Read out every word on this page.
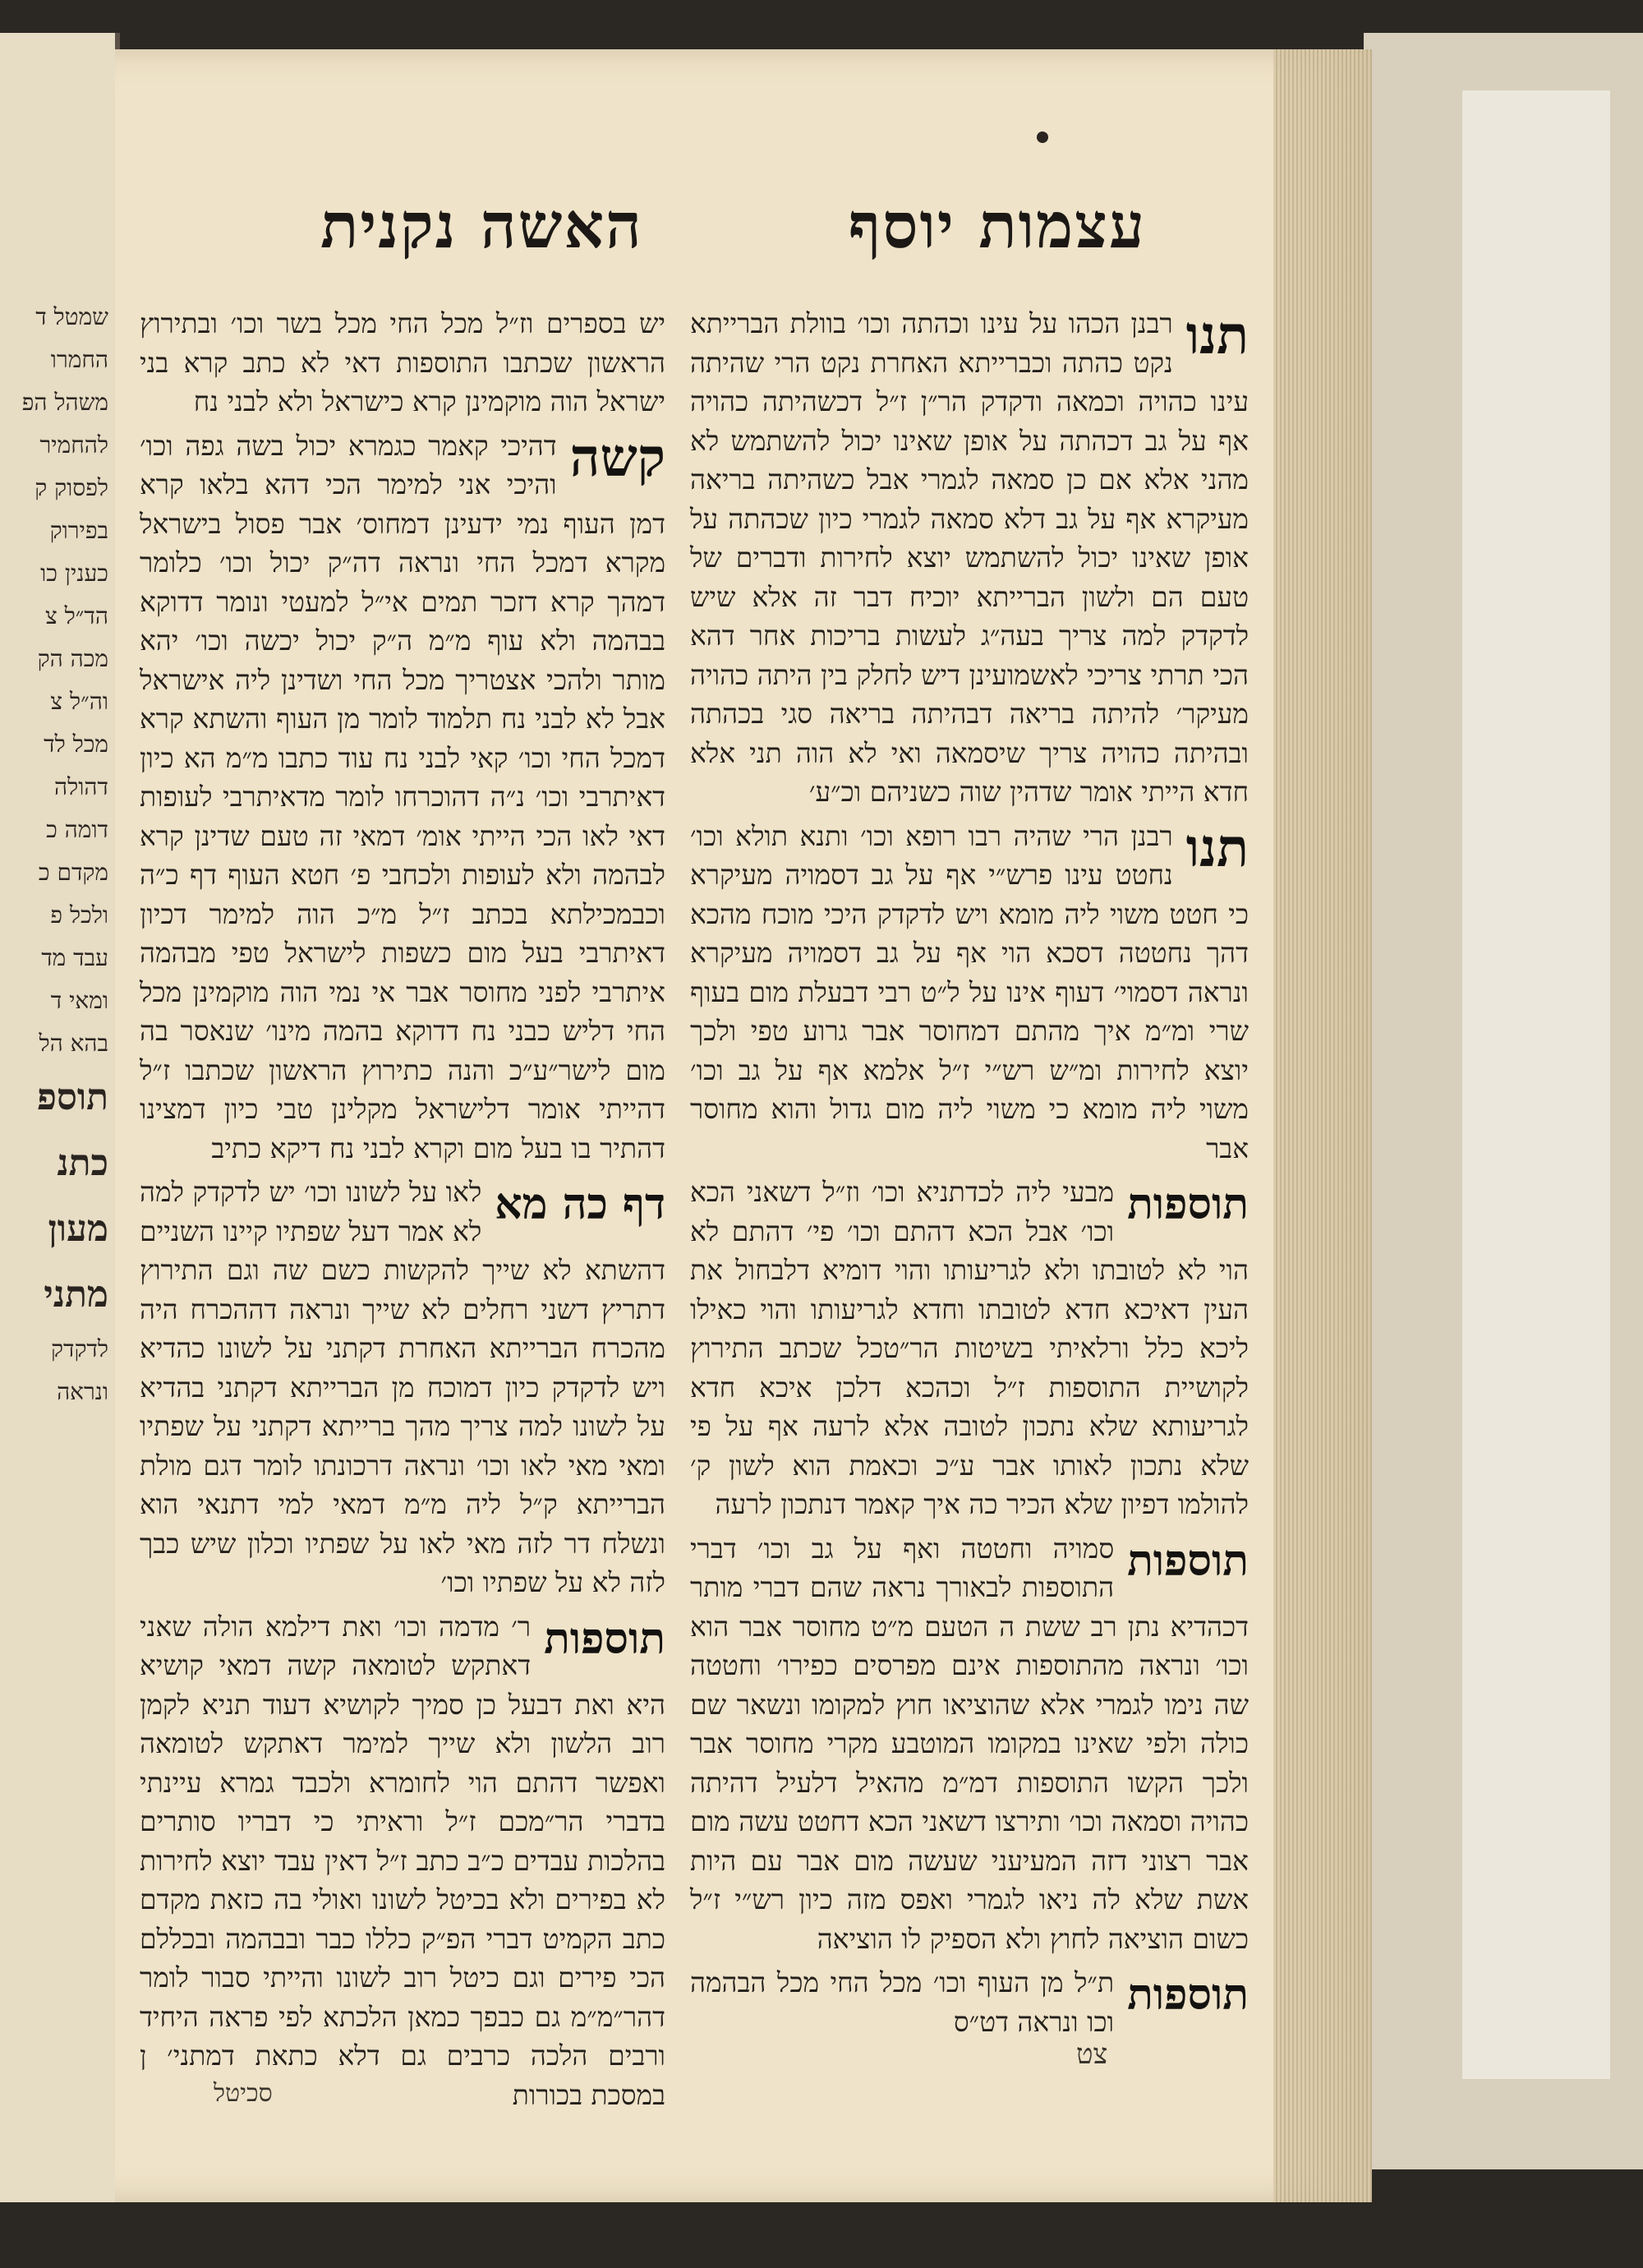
שמטל ד
החמרו
משהל הפ
להחמיר
לפסוק ק
בפירוק
כענין כו
הד״ל צ
מכה הק
וה״ל צ
מכל לד
דהולה
דומה כ
מקדם כ
ולכל פ
עבד מד
ומאי ד
בהא הל
תוספ
כתנ
מעון
מתני
לדקדק
ונראה
עצמות יוסף
האשה נקנית

תנו
רבנן הכהו על עינו וכהתה וכו׳ בוולת הברייתא נקט כהתה וכברייתא האחרת נקט הרי שהיתה עינו כהויה וכמאה ודקדק הר״ן ז״ל דכשהיתה כהויה אף על גב דכהתה על אופן שאינו יכול להשתמש לא מהני אלא אם כן סמאה לגמרי אבל כשהיתה בריאה מעיקרא אף על גב דלא סמאה לגמרי כיון שכהתה על אופן שאינו יכול להשתמש יוצא לחירות ודברים של טעם הם ולשון הברייתא יוכיח דבר זה אלא שיש לדקדק למה צריך בעה״ג לעשות בריכות אחר דהא הכי תרתי צריכי לאשמועינן דיש לחלק בין היתה כהויה מעיקר׳ להיתה בריאה דבהיתה בריאה סגי בכהתה ובהיתה כהויה צריך שיסמאה ואי לא הוה תני אלא חדא הייתי אומר שדהין שוה כשניהם וכ״ע׳

תנו
רבנן הרי שהיה רבו רופא וכו׳ ותנא תולא וכו׳ נחטט עינו פרש״י אף על גב דסמויה מעיקרא כי חטט משוי ליה מומא ויש לדקדק היכי מוכח מהכא דהך נחטטה דסכא הוי אף על גב דסמויה מעיקרא ונראה דסמוי׳ דעוף אינו על ל״ט רבי דבעלת מום בעוף שרי ומ״מ איך מהתם דמחוסר אבר גרוע טפי ולכך יוצא לחירות ומ״ש רש״י ז״ל אלמא אף על גב וכו׳ משוי ליה מומא כי משוי ליה מום גדול והוא מחוסר אבר

תוספות
מבעי ליה לכדתניא וכו׳ וז״ל דשאני הכא וכו׳ אבל הכא דהתם וכו׳ פי׳ דהתם לא הוי לא לטובתו ולא לגריעותו והוי דומיא דלבחול את העין דאיכא חדא לטובתו וחדא לגריעותו והוי כאילו ליכא כלל ורלאיתי בשיטות הר״טכל שכתב התירוץ לקושיית התוספות ז״ל וכהכא דלכן איכא חדא לגריעותא שלא נתכון לטובה אלא לרעה אף על פי שלא נתכון לאותו אבר ע״כ וכאמת הוא לשון ק׳ להולמו דפיון שלא הכיר כה איך קאמר דנתכון לרעה

תוספות
סמויה וחטטה ואף על גב וכו׳ דברי התוספות לבאורך נראה שהם דברי מותר דכהדיא נתן רב ששת ה הטעם מ״ט מחוסר אבר הוא וכו׳ ונראה מהתוספות אינם מפרסים כפירו׳ וחטטה שה נימו לגמרי אלא שהוציאו חוץ למקומו ונשאר שם כולה ולפי שאינו במקומו המוטבע מקרי מחוסר אבר ולכך הקשו התוספות דמ״מ מהאיל דלעיל דהיתה כהויה וסמאה וכו׳ ותירצו דשאני הכא דחטט עשה מום אבר רצוני דזה המעיעני שעשה מום אבר עם היות אשת שלא לה ניאו לגמרי ואפס מזה כיון רש״י ז״ל כשום הוציאה לחוץ ולא הספיק לו הוציאה

תוספות
ת״ל מן העוף וכו׳ מכל החי מכל הבהמה וכו ונראה דט״ס

יש בספרים וז״ל מכל החי מכל בשר וכו׳ ובתירוץ הראשון שכתבו התוספות דאי לא כתב קרא בני ישראל הוה מוקמינן קרא כישראל ולא לבני נח

קשה
דהיכי קאמר כגמרא יכול בשה גפה וכו׳ והיכי אני למימר הכי דהא בלאו קרא דמן העוף נמי ידעינן דמחוס׳ אבר פסול בישראל מקרא דמכל החי ונראה דה״ק יכול וכו׳ כלומר דמהך קרא דזכר תמים אי״ל למעטי ונומר דדוקא בבהמה ולא עוף מ״מ ה״ק יכול יכשה וכו׳ יהא מותר ולהכי אצטריך מכל החי ושדינן ליה אישראל אבל לא לבני נח תלמוד לומר מן העוף והשתא קרא דמכל החי וכו׳ קאי לבני נח עוד כתבו מ״מ הא כיון דאיתרבי וכו׳ נ״ה דהוכרחו לומר מדאיתרבי לעופות דאי לאו הכי הייתי אומ׳ דמאי זה טעם שדינן קרא לבהמה ולא לעופות ולכחבי פ׳ חטא העוף דף כ״ה וכבמכילתא בכתב ז״ל מ״כ הוה למימר דכיון דאיתרבי בעל מום כשפות לישראל טפי מבהמה איתרבי לפני מחוסר אבר אי נמי הוה מוקמינן מכל החי דליש כבני נח דדוקא בהמה מינו׳ שנאסר בה מום לישר״ע״כ והנה כתירוץ הראשון שכתבו ז״ל דהייתי אומר דלישראל מקלינן טבי כיון דמצינו דהתיר בו בעל מום וקרא לבני נח דיקא כתיב

דף כה מא
לאו על לשונו וכו׳ יש לדקדק למה לא אמר דעל שפתיו קיינו השניים דהשתא לא שייך להקשות כשם שה וגם התירוץ דתריץ דשני רחלים לא שייך ונראה דההכרח היה מהכרח הברייתא האחרת דקתני על לשונו כהדיא ויש לדקדק כיון דמוכח מן הברייתא דקתני בהדיא על לשונו למה צריך מהך ברייתא דקתני על שפתיו ומאי מאי לאו וכו׳ ונראה דרכונתו לומר דגם מולת הברייתא ק״ל ליה מ״מ דמאי למי דתנאי הוא ונשלח דר לזה מאי לאו על שפתיו וכלון שיש כבך לזה לא על שפתיו וכו׳

תוספות
ר׳ מדמה וכו׳ ואת דילמא הולה שאני דאתקש לטומאה קשה דמאי קושיא היא ואת דבעל כן סמיך לקושיא דעוד תניא לקמן רוב הלשון ולא שייך למימר דאתקש לטומאה ואפשר דהתם הוי לחומרא ולכבד גמרא עיינתי בדברי הר״מכם ז״ל וראיתי כי דבריו סותרים בהלכות עבדים כ״ב כתב ז״ל דאין עבד יוצא לחירות לא בפירים ולא בכיטל לשונו ואולי בה כזאת מקדם כתב הקמיט דברי הפ״ק כללו כבר ובבהמה ובכללם הכי פירים וגם כיטל רוב לשונו והייתי סבור לומר דהר״מ״מ גם כבפך כמאן הלכתא לפי פראה היחיד ורבים הלכה כרבים גם דלא כתאת דמתני׳ ן במסכת בכורות

צט
סכיטל
